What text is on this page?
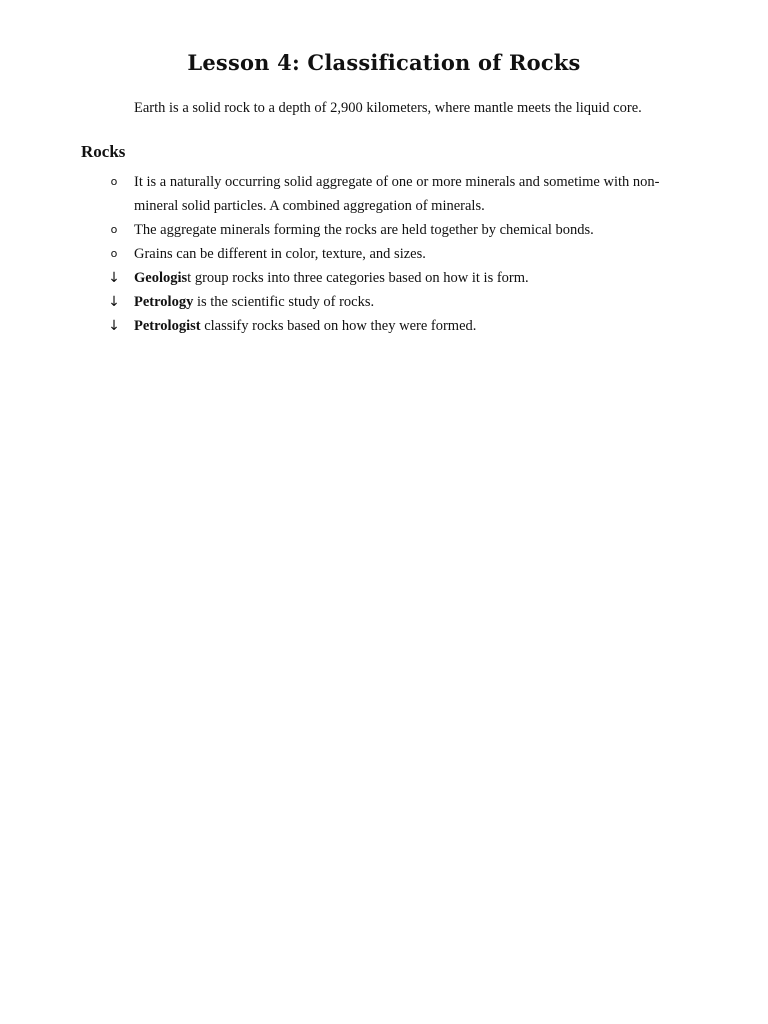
Lesson 4: Classification of Rocks

Earth is a solid rock to a depth of 2,900 kilometers, where mantle meets the liquid core.

Rocks
o	It is a naturally occurring solid aggregate of one or more minerals and sometime with non-
mineral solid particles. A combined aggregation of minerals.
o	The aggregate minerals forming the rocks are held together by chemical bonds.
o	Grains can be different in color, texture, and sizes.
↓ Geologist group rocks into three categories based on how it is form.
↓ Petrology is the scientific study of rocks.
↓ Petrologist classify rocks based on how they were formed.
